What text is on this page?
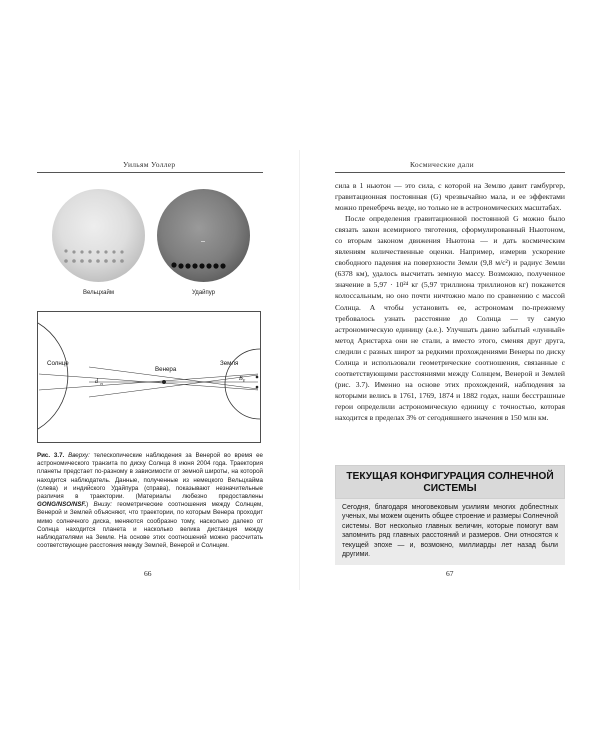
Уильям Уоллер
Вельцхайм	Удайпур
Солнце
Венера
Земля
d vs
B E

Рис. 3.7. Вверху: телескопические наблюдения за Венерой во время ее астрономического транзита по диску Солнца 8 июня 2004 года. Траектория планеты предстает по-разному в зависимости от земной широты, на которой находится наблюдатель. Данные, полученные из немецкого Вельцхайма (слева) и индийского Удайпура (справа), показывают незначительные различия в траектории. (Материалы любезно предоставлены GONG/NSO/NSF.) Внизу: геометрические соотношения между Солнцем, Венерой и Землей объясняют, что траектории, по которым Венера проходит мимо солнечного диска, меняются сообразно тому, насколько далеко от Солнца находится планета и насколько велика дистанция между наблюдателями на Земле. На основе этих соотношений можно рассчитать соответствующие расстояния между Землей, Венерой и Солнцем.

66
Космические дали
67

сила в 1 ньютон — это сила, с которой на Землю давит гамбургер, гравитационная постоянная (G) чрезвычайно мала, и ее эффектами можно пренебречь везде, но только не в астрономических масштабах.

После определения гравитационной постоянной G можно было связать закон всемирного тяготения, сформулированный Ньютоном, со вторым законом движения Ньютона — и дать космическим явлениям количественные оценки. Например, измерив ускорение свободного падения на поверхности Земли (9,8 м/с²) и радиус Земли (6378 км), удалось высчитать земную массу. Возможно, полученное значение в 5,97 · 10²⁴ кг (5,97 триллиона триллионов кг) покажется колоссальным, но оно почти ничтожно мало по сравнению с массой Солнца. А чтобы установить ее, астрономам по-прежнему требовалось узнать расстояние до Солнца — ту самую астрономическую единицу (а.е.). Улучшать давно забытый «лунный» метод Аристарха они не стали, а вместо этого, сменяя друг друга, следили с разных широт за редкими прохождениями Венеры по диску Солнца и использовали геометрические соотношения, связанные с соответствующими расстояниями между Солнцем, Венерой и Землей (рис. 3.7). Именно на основе этих прохождений, наблюдения за которыми велись в 1761, 1769, 1874 и 1882 годах, наши бесстрашные герои определили астрономическую единицу с точностью, которая находится в пределах 3% от сегодняшнего значения в 150 млн км.

ТЕКУЩАЯ КОНФИГУРАЦИЯ СОЛНЕЧНОЙ СИСТЕМЫ

Сегодня, благодаря многовековым усилиям многих доблестных ученых, мы можем оценить общее строение и размеры Солнечной системы. Вот несколько главных величин, которые помогут вам запомнить ряд главных расстояний и размеров. Они относятся к текущей эпохе — и, возможно, миллиарды лет назад были другими.
